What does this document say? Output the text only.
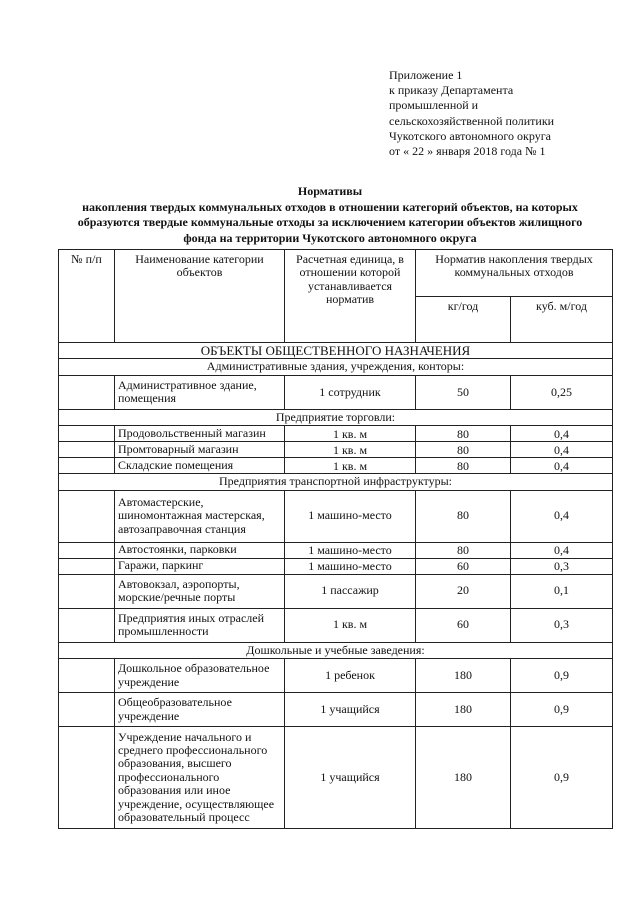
Приложение 1
к приказу Департамента
промышленной и
сельскохозяйственной политики
Чукотского автономного округа
от « 22 » января 2018 года № 1
Нормативы
накопления твердых коммунальных отходов в отношении категорий объектов, на которых
образуются твердые коммунальные отходы за исключением категории объектов жилищного
фонда на территории Чукотского автономного округа
№ п/п	Наименование категории объектов	Расчетная единица, в отношении которой устанавливается норматив	Норматив накопления твердых коммунальных отходов	
			кг/год	куб. м/год
ОБЪЕКТЫ ОБЩЕСТВЕННОГО НАЗНАЧЕНИЯ				
Административные здания, учреждения, конторы:				
	Административное здание, помещения	1 сотрудник	50	0,25
Предприятие торговли:				
	Продовольственный магазин	1 кв. м	80	0,4
	Промтоварный магазин	1 кв. м	80	0,4
	Складские помещения	1 кв. м	80	0,4
Предприятия транспортной инфраструктуры:				
	Автомастерские, шиномонтажная мастерская, автозаправочная станция	1 машино-место	80	0,4
	Автостоянки, парковки	1 машино-место	80	0,4
	Гаражи, паркинг	1 машино-место	60	0,3
	Автовокзал, аэропорты, морские/речные порты	1 пассажир	20	0,1
	Предприятия иных отраслей промышленности	1 кв. м	60	0,3
Дошкольные и учебные заведения:				
	Дошкольное образовательное учреждение	1 ребенок	180	0,9
	Общеобразовательное учреждение	1 учащийся	180	0,9
	Учреждение начального и среднего профессионального образования, высшего профессионального образования или иное учреждение, осуществляющее образовательный процесс	1 учащийся	180	0,9
